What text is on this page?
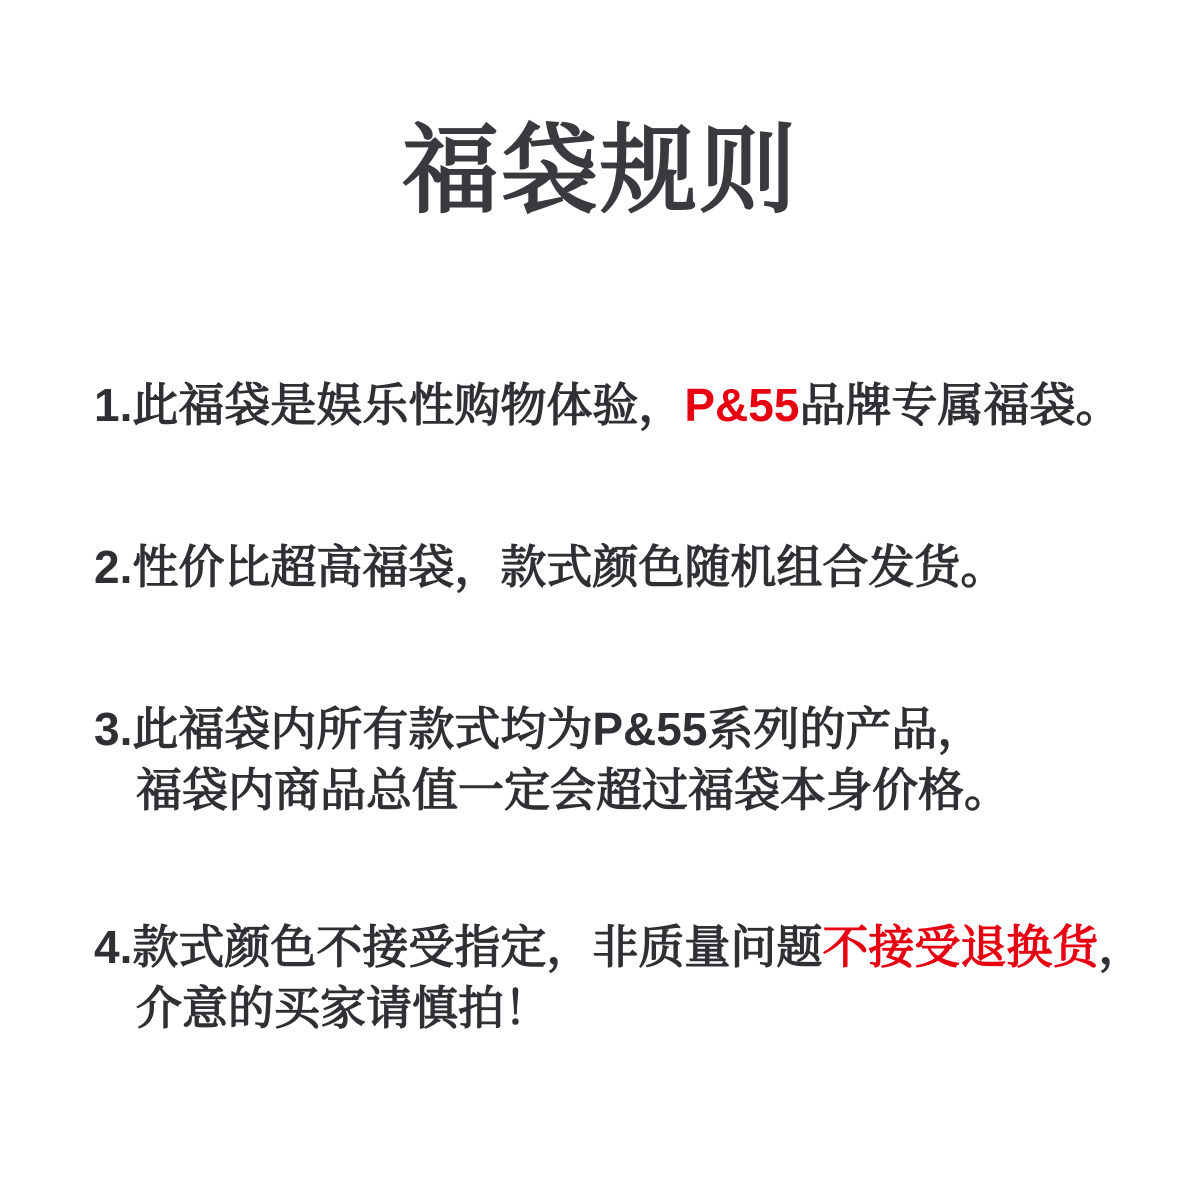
福袋规则

1.此福袋是娱乐性购物体验，P&55品牌专属福袋。

2.性价比超高福袋，款式颜色随机组合发货。

3.此福袋内所有款式均为P&55系列的产品，
福袋内商品总值一定会超过福袋本身价格。

4.款式颜色不接受指定，非质量问题不接受退换货，
介意的买家请慎拍！
